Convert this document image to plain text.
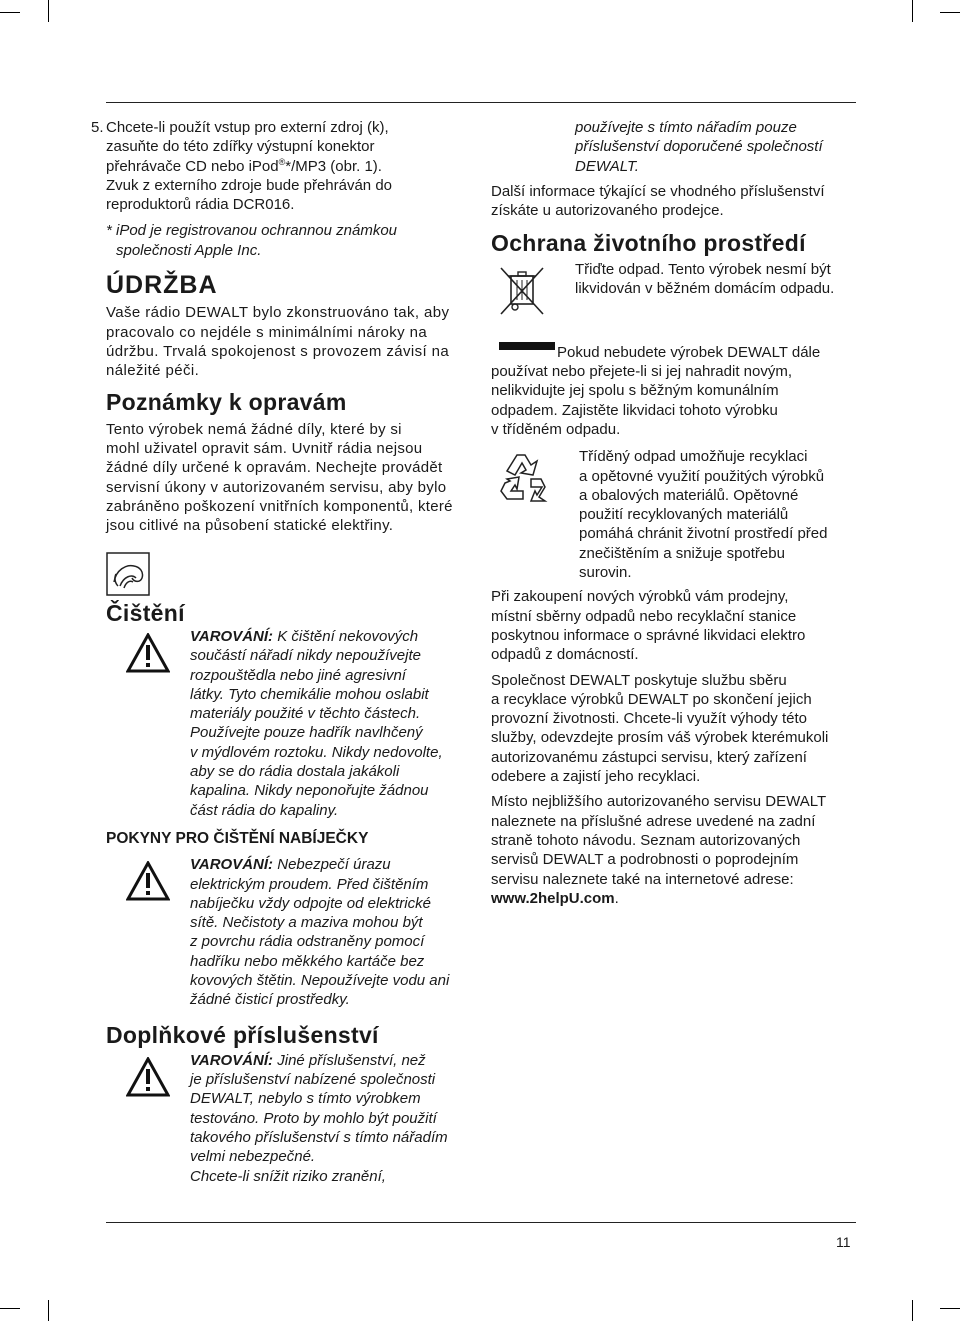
5. Chcete-li použít vstup pro externí zdroj (k),

zasuňte do této zdířky výstupní konektor

přehrávače CD nebo iPod®*/MP3 (obr. 1).

Zvuk z externího zdroje bude přehráván do

reproduktorů rádia DCR016.

* iPod je registrovanou ochrannou známkou

společnosti Apple Inc.

ÚDRŽBA

Vaše rádio DEWALT bylo zkonstruováno tak, aby

pracovalo co nejdéle s minimálními nároky na

údržbu. Trvalá spokojenost s provozem závisí na

náležité péči.

Poznámky k opravám

Tento výrobek nemá žádné díly, které by si

mohl uživatel opravit sám. Uvnitř rádia nejsou

žádné díly určené k opravám. Nechejte provádět

servisní úkony v autorizovaném servisu, aby bylo

zabráněno poškození vnitřních komponentů, které

jsou citlivé na působení statické elektřiny.

Čištění

VAROVÁNÍ: K čištění nekovových

součástí nářadí nikdy nepoužívejte

rozpouštědla nebo jiné agresivní

látky. Tyto chemikálie mohou oslabit

materiály použité v těchto částech.

Používejte pouze hadřík navlhčený

v mýdlovém roztoku. Nikdy nedovolte,

aby se do rádia dostala jakákoli

kapalina. Nikdy neponořujte žádnou

část rádia do kapaliny.

POKYNY PRO ČIŠTĚNÍ NABÍJEČKY

VAROVÁNÍ: Nebezpečí úrazu

elektrickým proudem. Před čištěním

nabíječku vždy odpojte od elektrické

sítě. Nečistoty a maziva mohou být

z povrchu rádia odstraněny pomocí

hadříku nebo měkkého kartáče bez

kovových štětin. Nepoužívejte vodu ani

žádné čisticí prostředky.

Doplňkové příslušenství

VAROVÁNÍ: Jiné příslušenství, než

je příslušenství nabízené společnosti

DEWALT, nebylo s tímto výrobkem

testováno. Proto by mohlo být použití

takového příslušenství s tímto nářadím

velmi nebezpečné.

Chcete-li snížit riziko zranění,

používejte s tímto nářadím pouze

příslušenství doporučené společností

DEWALT.

Další informace týkající se vhodného příslušenství

získáte u autorizovaného prodejce.

Ochrana životního prostředí

Třiďte odpad. Tento výrobek nesmí být

likvidován v běžném domácím odpadu.

Pokud nebudete výrobek DEWALT dále

používat nebo přejete-li si jej nahradit novým,

nelikvidujte jej spolu s běžným komunálním

odpadem. Zajistěte likvidaci tohoto výrobku

v tříděném odpadu.

Tříděný odpad umožňuje recyklaci

a opětovné využití použitých výrobků

a obalových materiálů. Opětovné

použití recyklovaných materiálů

pomáhá chránit životní prostředí před

znečištěním a snižuje spotřebu

surovin.

Při zakoupení nových výrobků vám prodejny,

místní sběrny odpadů nebo recyklační stanice

poskytnou informace o správné likvidaci elektro

odpadů z domácností.

Společnost DEWALT poskytuje službu sběru

a recyklace výrobků DEWALT po skončení jejich

provozní životnosti. Chcete-li využít výhody této

služby, odevzdejte prosím váš výrobek kterémukoli

autorizovanému zástupci servisu, který zařízení

odebere a zajistí jeho recyklaci.

Místo nejbližšího autorizovaného servisu DEWALT

naleznete na příslušné adrese uvedené na zadní

straně tohoto návodu. Seznam autorizovaných

servisů DEWALT a podrobnosti o poprodejním

servisu naleznete také na internetové adrese:

www.2helpU.com.

11
